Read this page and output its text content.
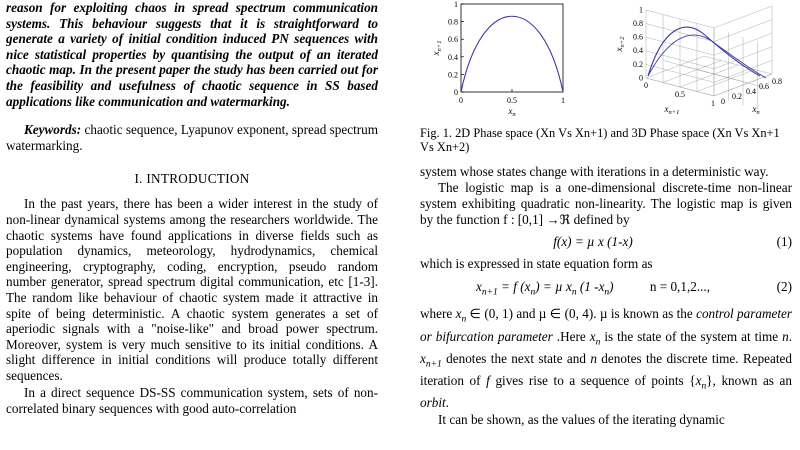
reason for exploiting chaos in spread spectrum communication systems. This behaviour suggests that it is straightforward to generate a variety of initial condition induced PN sequences with nice statistical properties by quantising the output of an iterated chaotic map. In the present paper the study has been carried out for the feasibility and usefulness of chaotic sequence in SS based applications like communication and watermarking.

Keywords: chaotic sequence, Lyapunov exponent, spread spectrum watermarking.
I. INTRODUCTION

In the past years, there has been a wider interest in the study of non-linear dynamical systems among the researchers worldwide. The chaotic systems have found applications in diverse fields such as population dynamics, meteorology, hydrodynamics, chemical engineering, cryptography, coding, encryption, pseudo random number generator, spread spectrum digital communication, etc [1-3]. The random like behaviour of chaotic system made it attractive in spite of being deterministic. A chaotic system generates a set of aperiodic signals with a "noise-like" and broad power spectrum. Moreover, system is very much sensitive to its initial conditions. A slight difference in initial conditions will produce totally different sequences.

In a direct sequence DS-SS communication system, sets of non-correlated binary sequences with good auto-correlation

0
0.2
0.4
0.6
0.8
1
0	0.5	1
$x_n$
$x_{n+1}$
1
0.8
0.6
0.4
0.2
0
0
0.5
1 0
0.2
0.4
0.6
0.8
$x_{n+2}$
$x_{n+1}$	$x_n$

Fig. 1. 2D Phase space (Xn Vs Xn+1) and 3D Phase space (Xn Vs Xn+1 Vs Xn+2)

system whose states change with iterations in a deterministic way.

The logistic map is a one-dimensional discrete-time non-linear system exhibiting quadratic non-linearity. The logistic map is given by the function f : [0,1] →ℜ defined by

f(x) = µ x (1-x)	(1)

which is expressed in state equation form as

$x_{n+1} = f$ $(x_n) = \mu$ $x_n$ (1 $-x_n$)           n = 0,1,2...,	(2)

where $x_n$ ∈ (0, 1) and µ ∈ (0, 4). µ is known as the control parameter or bifurcation parameter .Here $x_n$ is the state of the system at time n. $x_{n+1}$ denotes the next state and n denotes the discrete time. Repeated iteration of f gives rise to a sequence of points $\{x_n\}$, known as an orbit.

It can be shown, as the values of the iterating dynamic
